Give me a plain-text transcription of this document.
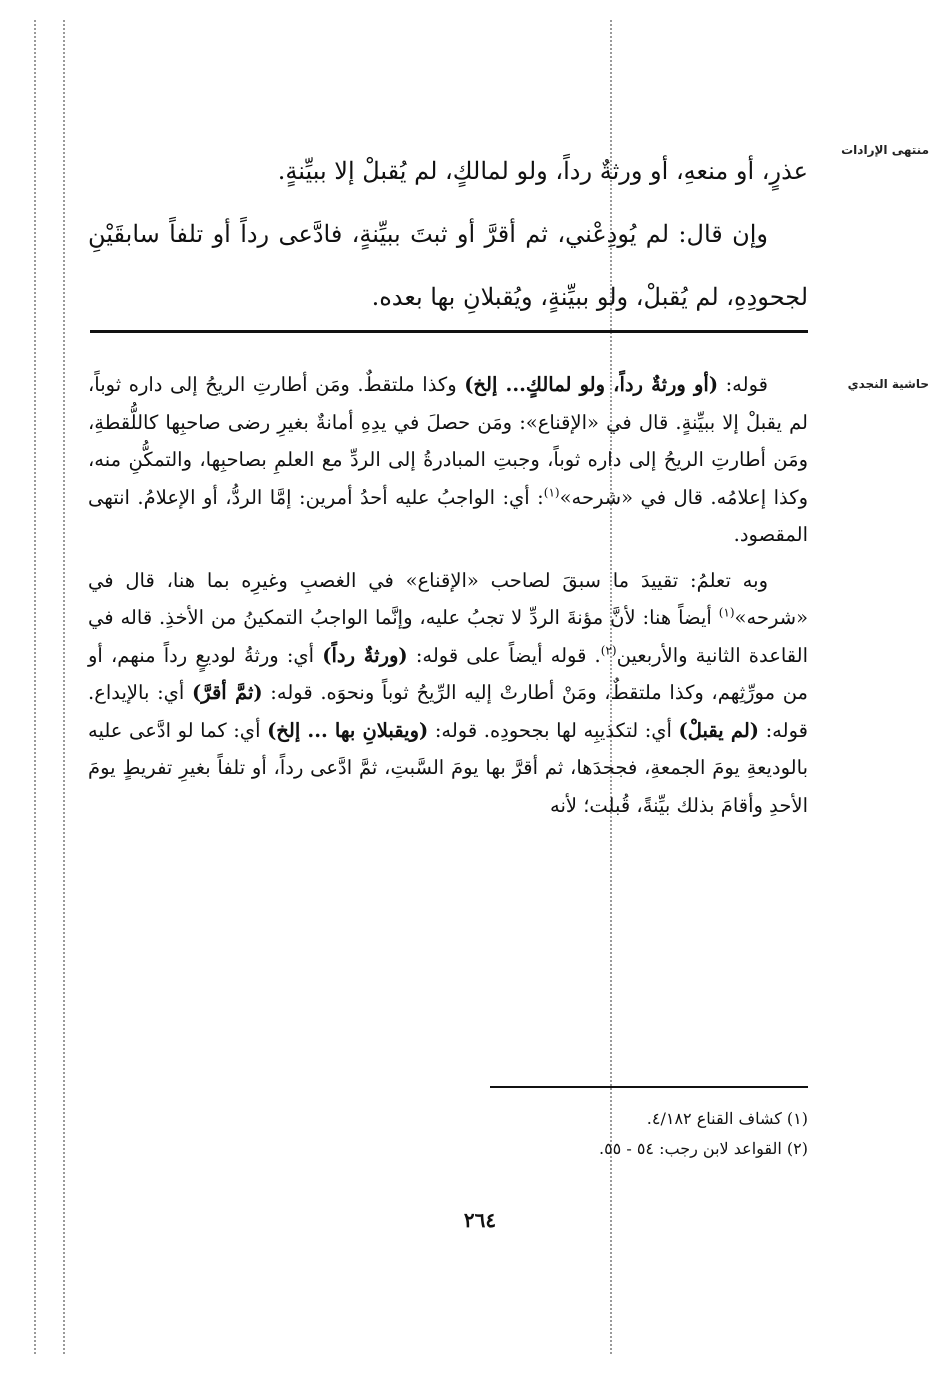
منتهى الإرادات
حاشية النجدي

عذرٍ، أو منعهِ، أو ورثةٌ رداً، ولو لمالكٍ، لم يُقبلْ إلا ببيِّنةٍ.

وإن قال: لم يُودِعْني، ثم أقرَّ أو ثبتَ ببيِّنةٍ، فادَّعى رداً أو تلفاً سابقَيْنِ لجحودِهِ، لم يُقبلْ، ولو ببيِّنةٍ، ويُقبلانِ بها بعده.

قوله: (أو ورثةٌ رداً، ولو لمالكٍ... إلخ) وكذا ملتقطٌ. ومَن أطارتِ الريحُ إلى داره ثوباً، لم يقبلْ إلا ببيِّنةٍ. قال في «الإقناع»: ومَن حصلَ في يدِهِ أمانةٌ بغيرِ رضى صاحبِها كاللُّقطةِ، ومَن أطارتِ الريحُ إلى داره ثوباً، وجبتِ المبادرةُ إلى الردِّ مع العلمِ بصاحبِها، والتمكُّنِ منه، وكذا إعلامُه. قال في «شرحه»$^{(١)}$: أي: الواجبُ عليه أحدُ أمرين: إمَّا الردُّ، أو الإعلامُ. انتهى المقصود.

وبه تعلمُ: تقييدَ ما سبقَ لصاحب «الإقناع» في الغصبِ وغيرِه بما هنا، قال في «شرحه»$^{(١)}$ أيضاً هنا: لأنَّ مؤنةَ الردِّ لا تجبُ عليه، وإنَّما الواجبُ التمكينُ من الأخذِ. قاله في القاعدة الثانية والأربعين$^{(٢)}$. قوله أيضاً على قوله: (ورثةٌ رداً) أي: ورثةُ لوديعٍ رداً منهم، أو من مورِّثِهم، وكذا ملتقطٌ، ومَنْ أطارتْ إليه الرِّيحُ ثوباً ونحوَه. قوله: (ثمَّ أقرَّ) أي: بالإيداع. قوله: (لم يقبلْ) أي: لتكذيبِه لها بجحودِه. قوله: (ويقبلانِ بها ... إلخ) أي: كما لو ادَّعى عليه بالوديعةِ يومَ الجمعةِ، فجحدَها، ثم أقرَّ بها يومَ السَّبتِ، ثمَّ ادَّعى رداً، أو تلفاً بغيرِ تفريطٍ يومَ الأحدِ وأقامَ بذلك بيِّنةً، قُبلت؛ لأنه

(١) كشاف القناع ٤/١٨٢.
(٢) القواعد لابن رجب: ٥٤ - ٥٥.
٢٦٤
